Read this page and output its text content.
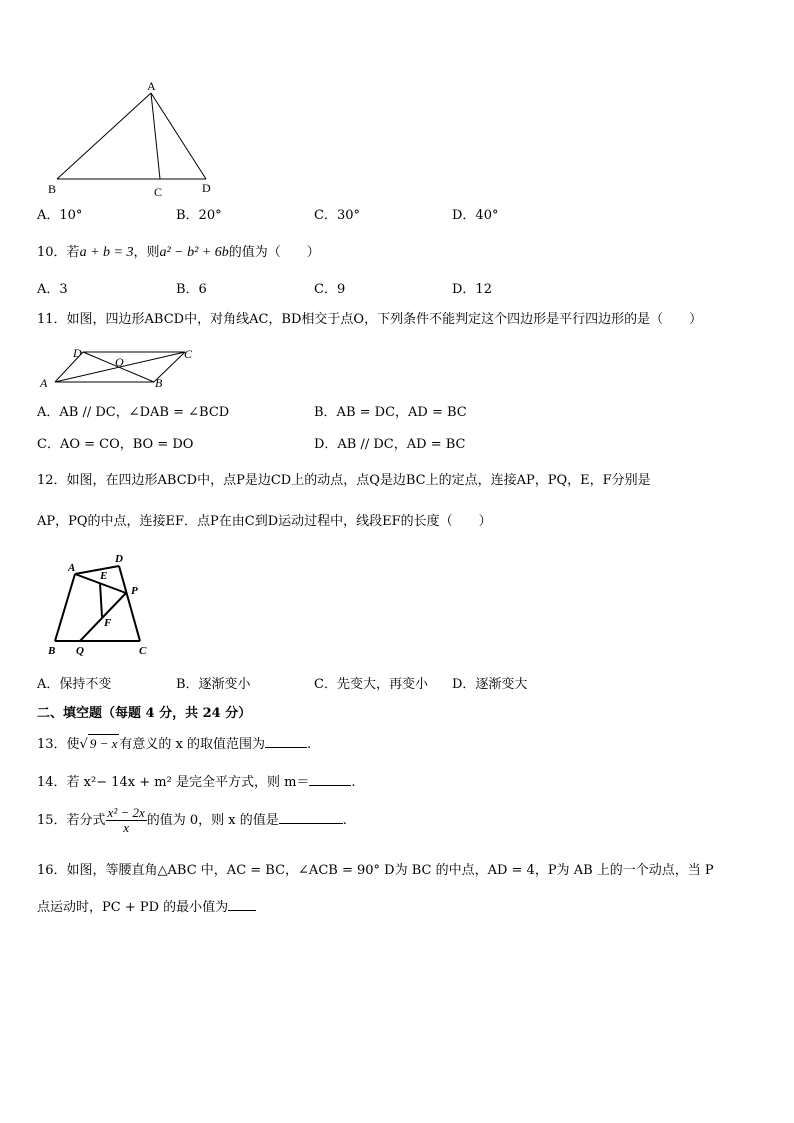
A
B	C	D
A．10°	B．20°	C．30°	D．40°
10．若a + b = 3，则a² − b² + 6b的值为（　　）
A．3	B．6	C．9	D．12
11．如图，四边形ABCD中，对角线AC，BD相交于点O，下列条件不能判定这个四边形是平行四边形的是（　　）
A	B
C
D
O
A．AB // DC，∠DAB = ∠BCD	B．AB = DC，AD = BC
C．AO = CO，BO = DO	D．AB // DC，AD = BC
12．如图，在四边形ABCD中，点P是边CD上的动点，点Q是边BC上的定点，连接AP，PQ，E，F分别是
AP，PQ的中点，连接EF．点P在由C到D运动过程中，线段EF的长度（　　）
A
D
E
P
F
B Q	C
A．保持不变	B．逐渐变小	C．先变大，再变小 D．逐渐变大
二、填空题（每题 4 分，共 24 分）
13．使√ 9 − x 有意义的 x 的取值范围为	.
14．若 x²− 14x + m² 是完全平方式，则 m＝	.
15．若分式 $\frac{\text{x² − 2x}}{x}$ 的值为 0，则 x 的值是	.
16．如图，等腰直角△ABC 中，AC = BC，∠ACB = 90° D为 BC 的中点，AD = 4，P为 AB 上的一个动点，当 P
点运动时，PC + PD 的最小值为
